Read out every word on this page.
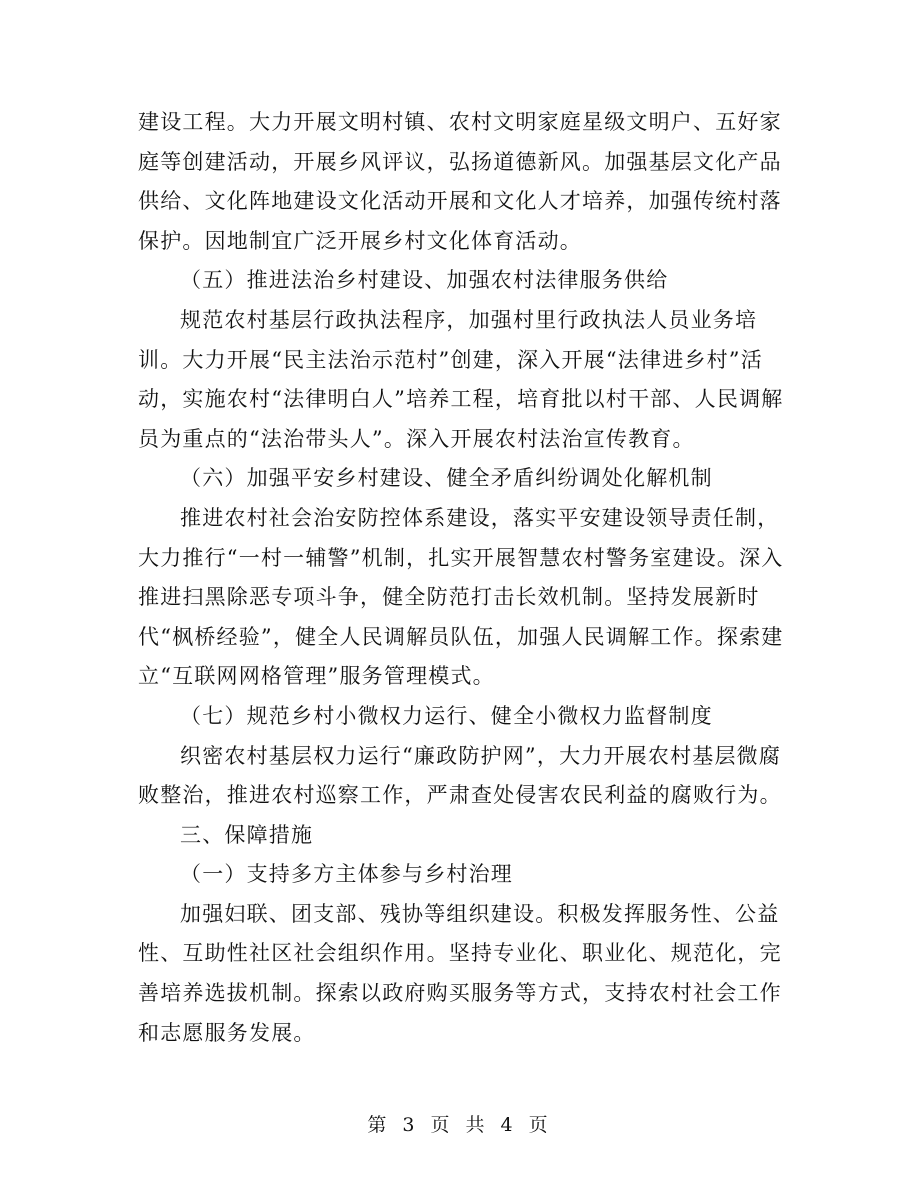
建设工程。大力开展文明村镇、农村文明家庭星级文明户、五好家庭等创建活动，开展乡风评议，弘扬道德新风。加强基层文化产品供给、文化阵地建设文化活动开展和文化人才培养，加强传统村落保护。因地制宜广泛开展乡村文化体育活动。

（五）推进法治乡村建设、加强农村法律服务供给

规范农村基层行政执法程序，加强村里行政执法人员业务培训。大力开展“民主法治示范村”创建，深入开展“法律进乡村”活动，实施农村“法律明白人”培养工程，培育批以村干部、人民调解员为重点的“法治带头人”。深入开展农村法治宣传教育。

（六）加强平安乡村建设、健全矛盾纠纷调处化解机制

推进农村社会治安防控体系建设，落实平安建设领导责任制，大力推行“一村一辅警”机制，扎实开展智慧农村警务室建设。深入推进扫黑除恶专项斗争，健全防范打击长效机制。坚持发展新时代“枫桥经验”，健全人民调解员队伍，加强人民调解工作。探索建立“互联网网格管理”服务管理模式。

（七）规范乡村小微权力运行、健全小微权力监督制度

织密农村基层权力运行“廉政防护网”，大力开展农村基层微腐败整治，推进农村巡察工作，严肃查处侵害农民利益的腐败行为。

三、保障措施

（一）支持多方主体参与乡村治理

加强妇联、团支部、残协等组织建设。积极发挥服务性、公益性、互助性社区社会组织作用。坚持专业化、职业化、规范化，完善培养选拔机制。探索以政府购买服务等方式，支持农村社会工作和志愿服务发展。

第 3 页 共 4 页
